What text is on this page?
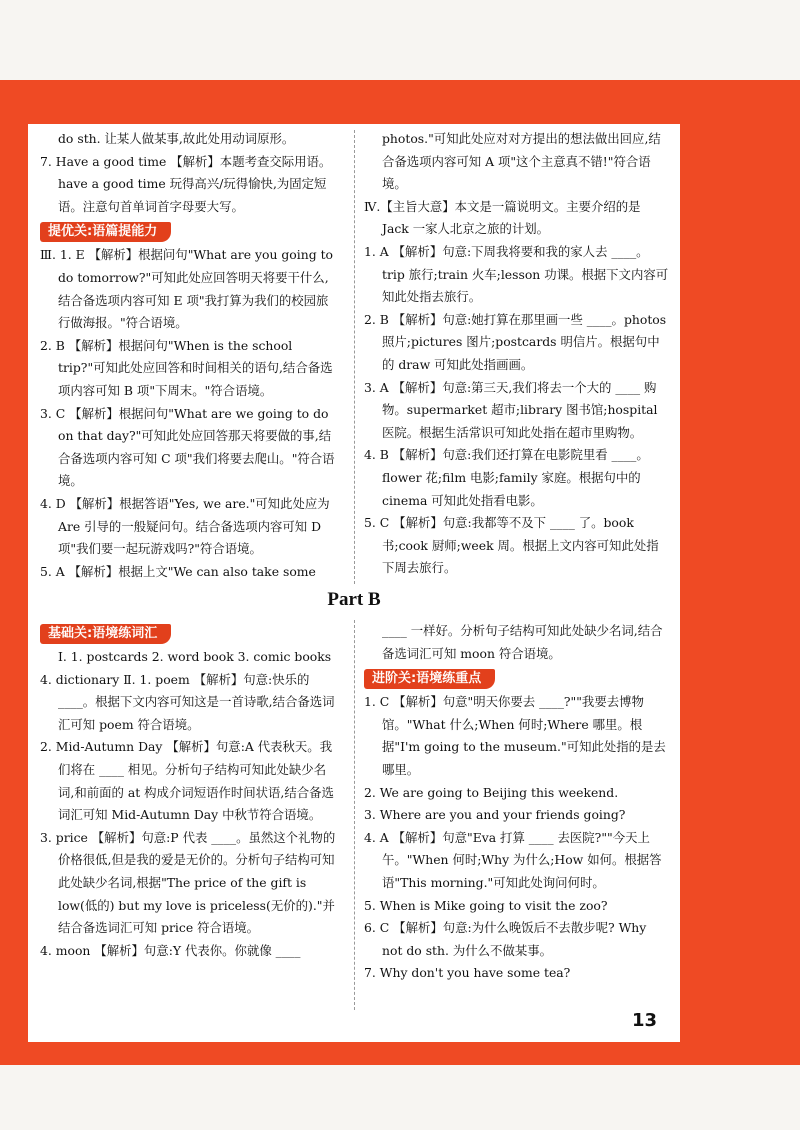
do sth. 让某人做某事,故此处用动词原形。

7. Have a good time 【解析】本题考查交际用语。have a good time 玩得高兴/玩得愉快,为固定短语。注意句首单词首字母要大写。

提优关:语篇提能力

Ⅲ. 1. E 【解析】根据问句"What are you going to do tomorrow?"可知此处应回答明天将要干什么,结合备选项内容可知 E 项"我打算为我们的校园旅行做海报。"符合语境。

2. B 【解析】根据问句"When is the school trip?"可知此处应回答和时间相关的语句,结合备选项内容可知 B 项"下周末。"符合语境。

3. C 【解析】根据问句"What are we going to do on that day?"可知此处应回答那天将要做的事,结合备选项内容可知 C 项"我们将要去爬山。"符合语境。

4. D 【解析】根据答语"Yes, we are."可知此处应为 Are 引导的一般疑问句。结合备选项内容可知 D 项"我们要一起玩游戏吗?"符合语境。

5. A 【解析】根据上文"We can also take some

photos."可知此处应对对方提出的想法做出回应,结合备选项内容可知 A 项"这个主意真不错!"符合语境。

Ⅳ.【主旨大意】本文是一篇说明文。主要介绍的是 Jack 一家人北京之旅的计划。

1. A 【解析】句意:下周我将要和我的家人去 ____。trip 旅行;train 火车;lesson 功课。根据下文内容可知此处指去旅行。

2. B 【解析】句意:她打算在那里画一些 ____。photos 照片;pictures 图片;postcards 明信片。根据句中的 draw 可知此处指画画。

3. A 【解析】句意:第三天,我们将去一个大的 ____ 购物。supermarket 超市;library 图书馆;hospital 医院。根据生活常识可知此处指在超市里购物。

4. B 【解析】句意:我们还打算在电影院里看 ____。flower 花;film 电影;family 家庭。根据句中的 cinema 可知此处指看电影。

5. C 【解析】句意:我都等不及下 ____ 了。book 书;cook 厨师;week 周。根据上文内容可知此处指下周去旅行。

Part B
基础关:语境练词汇

Ⅰ. 1. postcards 2. word book 3. comic books

4. dictionary Ⅱ. 1. poem 【解析】句意:快乐的 ____。根据下文内容可知这是一首诗歌,结合备选词汇可知 poem 符合语境。

2. Mid-Autumn Day 【解析】句意:A 代表秋天。我们将在 ____ 相见。分析句子结构可知此处缺少名词,和前面的 at 构成介词短语作时间状语,结合备选词汇可知 Mid-Autumn Day 中秋节符合语境。

3. price 【解析】句意:P 代表 ____。虽然这个礼物的价格很低,但是我的爱是无价的。分析句子结构可知此处缺少名词,根据"The price of the gift is low(低的) but my love is priceless(无价的)."并结合备选词汇可知 price 符合语境。

4. moon 【解析】句意:Y 代表你。你就像 ____

____ 一样好。分析句子结构可知此处缺少名词,结合备选词汇可知 moon 符合语境。

进阶关:语境练重点

1. C 【解析】句意"明天你要去 ____?""我要去博物馆。"What 什么;When 何时;Where 哪里。根据"I'm going to the museum."可知此处指的是去哪里。

2. We are going to Beijing this weekend.

3. Where are you and your friends going?

4. A 【解析】句意"Eva 打算 ____ 去医院?""今天上午。"When 何时;Why 为什么;How 如何。根据答语"This morning."可知此处询问何时。

5. When is Mike going to visit the zoo?

6. C 【解析】句意:为什么晚饭后不去散步呢? Why not do sth. 为什么不做某事。

7. Why don't you have some tea?

13
